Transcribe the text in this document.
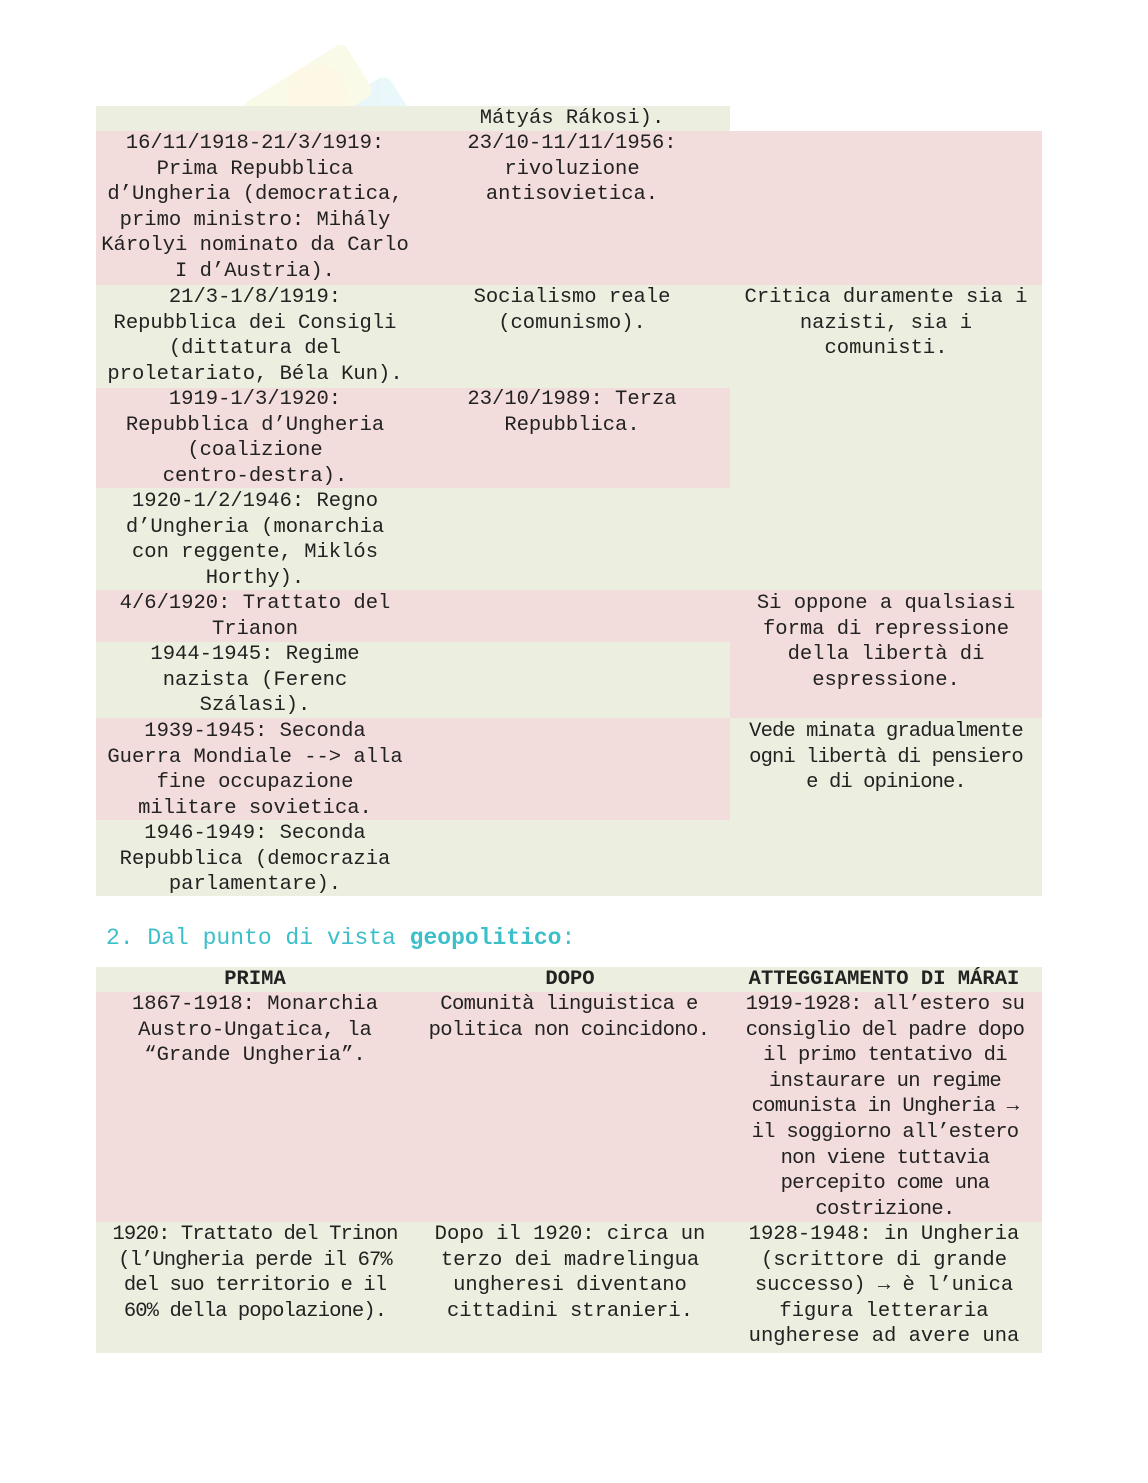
16/11/1918-21/3/1919:
Prima Repubblica
d’Ungheria (democratica,
primo ministro: Mihály
Károlyi nominato da Carlo
I d’Austria).
21/3-1/8/1919:
Repubblica dei Consigli
(dittatura del
proletariato, Béla Kun).
1919-1/3/1920:
Repubblica d’Ungheria
(coalizione
centro-destra).
1920-1/2/1946: Regno
d’Ungheria (monarchia
con reggente, Miklós
Horthy).
4/6/1920: Trattato del
Trianon
1944-1945: Regime
nazista (Ferenc
Szálasi).
1939-1945: Seconda
Guerra Mondiale --> alla
fine occupazione
militare sovietica.
1946-1949: Seconda
Repubblica (democrazia
parlamentare).
Mátyás Rákosi).
23/10-11/11/1956:
rivoluzione
antisovietica.
Socialismo reale
(comunismo).
23/10/1989: Terza
Repubblica.
Critica duramente sia i
nazisti, sia i
comunisti.
Si oppone a qualsiasi
forma di repressione
della libertà di
espressione.
Vede minata gradualmente
ogni libertà di pensiero
e di opinione.
2. Dal punto di vista geopolitico:
PRIMA	DOPO	ATTEGGIAMENTO DI MÁRAI
1867-1918: Monarchia
Austro-Ungatica, la
“Grande Ungheria”.
Comunità linguistica e
politica non coincidono.
1919-1928: all’estero su
consiglio del padre dopo
il primo tentativo di
instaurare un regime
comunista in Ungheria →
il soggiorno all’estero
non viene tuttavia
percepito come una
costrizione.
1920: Trattato del Trinon
(l’Ungheria perde il 67%
del suo territorio e il
60% della popolazione).
Dopo il 1920: circa un
terzo dei madrelingua
ungheresi diventano
cittadini stranieri.
1928-1948: in Ungheria
(scrittore di grande
successo) → è l’unica
figura letteraria
ungherese ad avere una
